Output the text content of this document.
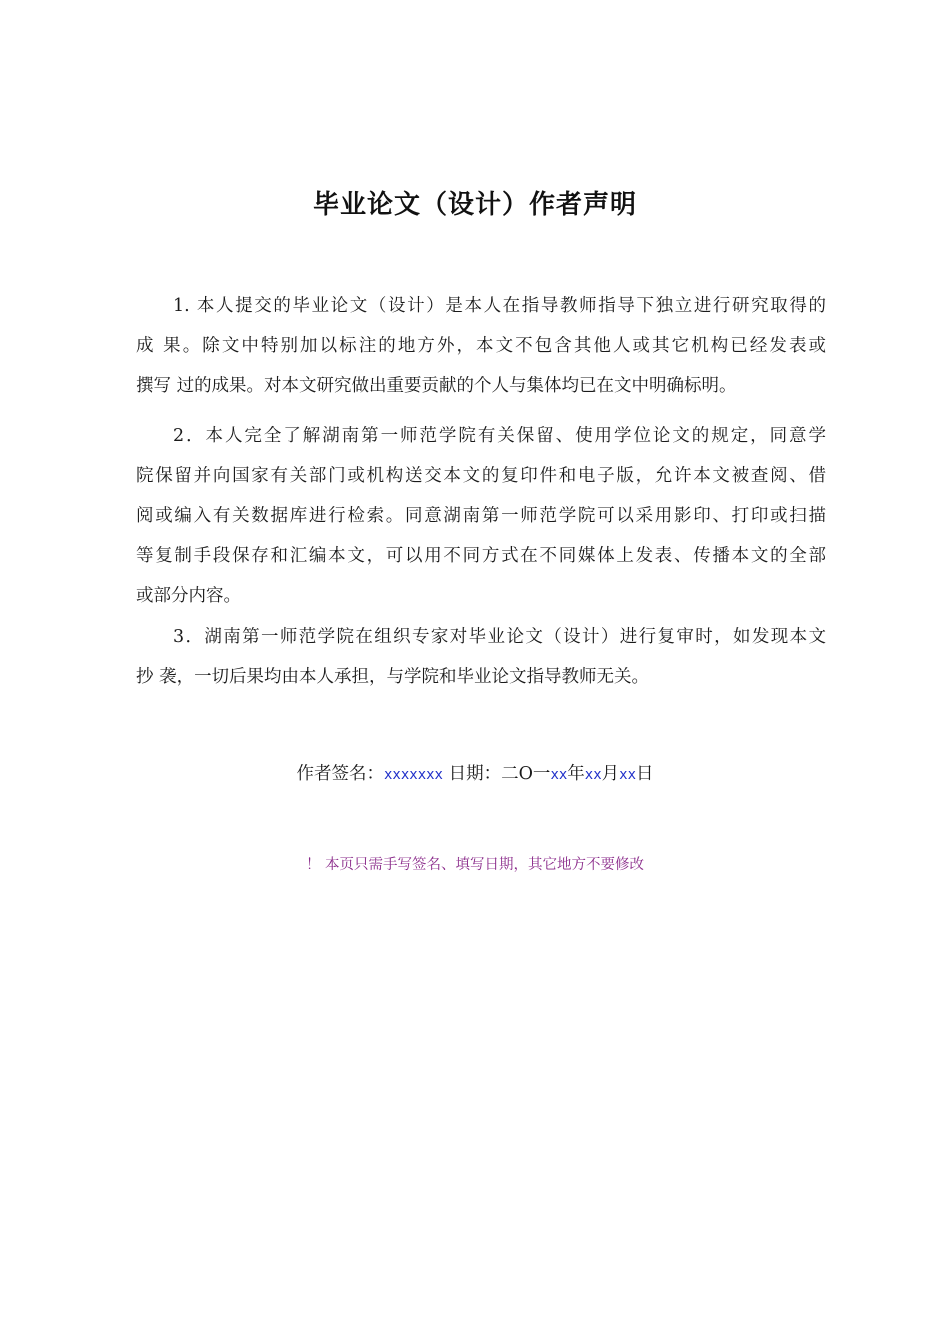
毕业论文（设计）作者声明
1. 本人提交的毕业论文（设计）是本人在指导教师指导下独立进行研究取得的
成 果。除文中特别加以标注的地方外，本文不包含其他人或其它机构已经发表或
撰写 过的成果。对本文研究做出重要贡献的个人与集体均已在文中明确标明。
2．本人完全了解湖南第一师范学院有关保留、使用学位论文的规定，同意学
院保留并向国家有关部门或机构送交本文的复印件和电子版，允许本文被查阅、借
阅或编入有关数据库进行检索。同意湖南第一师范学院可以采用影印、打印或扫描
等复制手段保存和汇编本文，可以用不同方式在不同媒体上发表、传播本文的全部
或部分内容。
3．湖南第一师范学院在组织专家对毕业论文（设计）进行复审时，如发现本文
抄 袭，一切后果均由本人承担，与学院和毕业论文指导教师无关。
作者签名：xxxxxxx 日期：二O一xx年xx月xx日
！ 本页只需手写签名、填写日期，其它地方不要修改
